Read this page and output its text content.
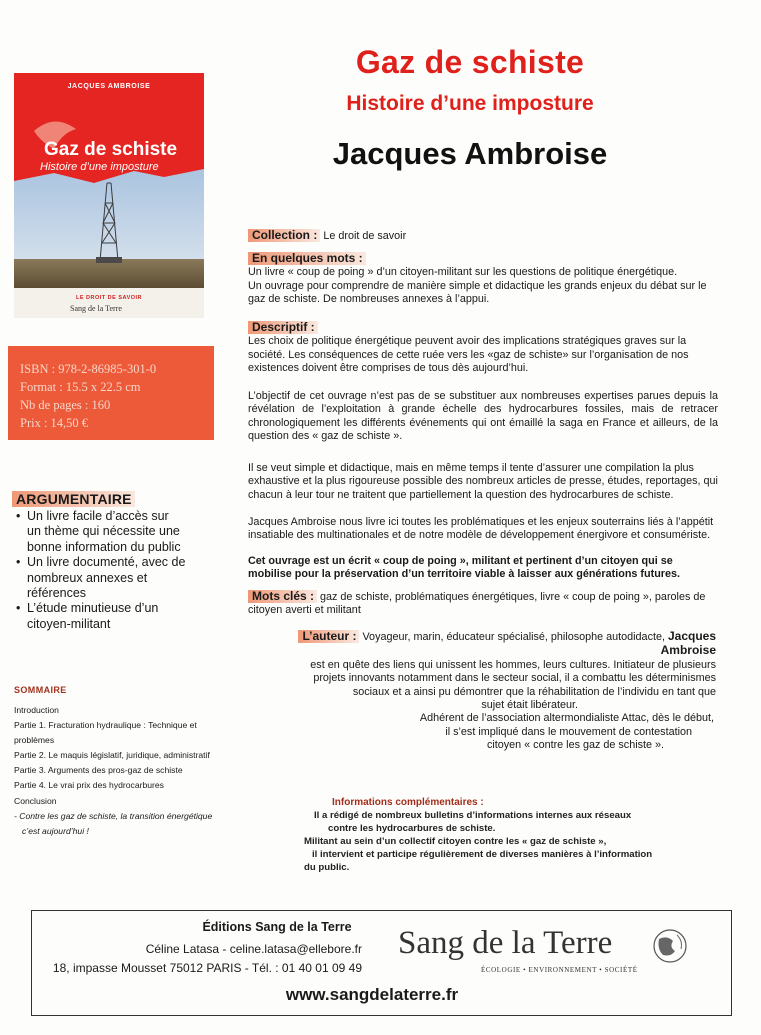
Gaz de schiste
Histoire d’une imposture
Jacques Ambroise
JACQUES AMBROISE
Gaz de schiste
Histoire d’une imposture
LE DROIT DE SAVOIR
Sang de la Terre
ISBN : 978-2-86985-301-0
Format : 15.5 x 22.5 cm
Nb de pages : 160
Prix : 14,50 €
ARGUMENTAIRE
• Un livre facile d’accès sur un thème qui nécessite une bonne information du public
• Un livre documenté, avec de nombreux annexes et références
• L’étude minutieuse d’un citoyen-militant
SOMMAIRE
Introduction
Partie 1. Fracturation hydraulique : Technique et problèmes
Partie 2. Le maquis législatif, juridique, administratif
Partie 3. Arguments des pros-gaz de schiste
Partie 4. Le vrai prix des hydrocarbures
Conclusion
- Contre les gaz de schiste, la transition énergétique
c’est aujourd’hui !
Collection : Le droit de savoir
En quelques mots :

Un livre « coup de poing » d’un citoyen-militant sur les questions de politique énergétique.

Un ouvrage pour comprendre de manière simple et didactique les grands enjeux du débat sur le gaz de schiste. De nombreuses annexes à l’appui.

Descriptif :

Les choix de politique énergétique peuvent avoir des implications stratégiques graves sur la société. Les conséquences de cette ruée vers les «gaz de schiste» sur l’organisation de nos existences doivent être comprises de tous dès aujourd’hui.

L’objectif de cet ouvrage n’est pas de se substituer aux nombreuses expertises parues depuis la révélation de l’exploitation à grande échelle des hydrocarbures fossiles, mais de retracer chronologiquement les différents événements qui ont émaillé la saga en France et ailleurs, de la question des « gaz de schiste ».

Il se veut simple et didactique, mais en même temps il tente d’assurer une compilation la plus exhaustive et la plus rigoureuse possible des nombreux articles de presse, études, reportages, qui chacun à leur tour ne traitent que partiellement la question des hydrocarbures de schiste.

Jacques Ambroise nous livre ici toutes les problématiques et les enjeux souterrains liés à l’appétit insatiable des multinationales et de notre modèle de développement énergivore et consumériste.

Cet ouvrage est un écrit « coup de poing », militant et pertinent d’un citoyen qui se mobilise pour la préservation d’un territoire viable à laisser aux générations futures.

Mots clés : gaz de schiste, problématiques énergétiques, livre « coup de poing », paroles de citoyen averti et militant
L’auteur : Voyageur, marin, éducateur spécialisé, philosophe autodidacte, Jacques Ambroise
est en quête des liens qui unissent les hommes, leurs cultures. Initiateur de plusieurs
projets innovants notamment dans le secteur social, il a combattu les déterminismes
sociaux et a ainsi pu démontrer que la réhabilitation de l’individu en tant que
sujet était libérateur.
Adhérent de l’association altermondialiste Attac, dès le début,
il s’est impliqué dans le mouvement de contestation
citoyen « contre les gaz de schiste ».
Informations complémentaires :
Il a rédigé de nombreux bulletins d’informations internes aux réseaux
contre les hydrocarbures de schiste.
Militant au sein d’un collectif citoyen contre les « gaz de schiste »,
il intervient et participe régulièrement de diverses manières à l’information
du public.
Éditions Sang de la Terre
Céline Latasa - celine.latasa@ellebore.fr
18, impasse Mousset 75012 PARIS - Tél. : 01 40 01 09 49
www.sangdelaterre.fr
Sang de la Terre
ÉCOLOGIE • ENVIRONNEMENT • SOCIÉTÉ
